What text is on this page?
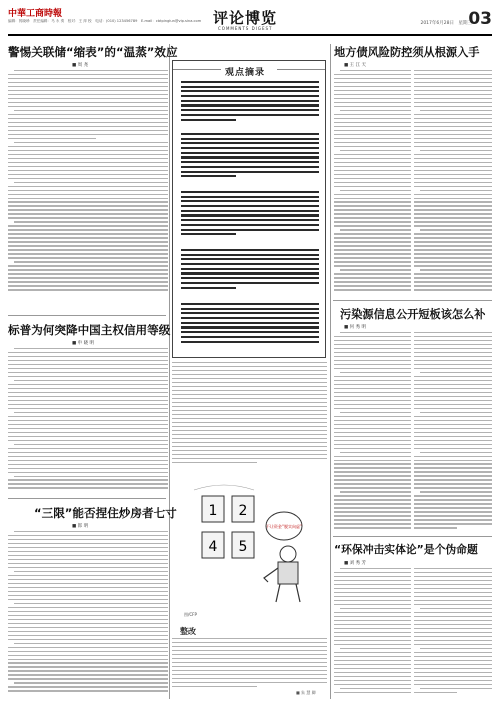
中華工商時報
编辑：郭晓珍　责任编辑：马 永 奏　校对：王 萍 校　电话：(010) 123456789　E-mail：cbtpinglun@vip.sina.com 评论博览
COMMENTS DIGEST
2017年6月28日　星期三
03
警惕关联储“缩表”的“温蒸”效应
■ 周 尧
标普为何突降中国主权信用等级
■ 申 晓 明
“三限”能否捏住炒房者七寸
■ 郎 明
观点摘录
1 2
4 5
不让资金“脱实向虚”
图/CFP
整改
■ 朱 慧 卿
地方债风险防控须从根源入手
■ 王 江 天
污染源信息公开短板该怎么补
■ 何 秀 明
“环保冲击实体论”是个伪命题
■ 刘 秀 芳
